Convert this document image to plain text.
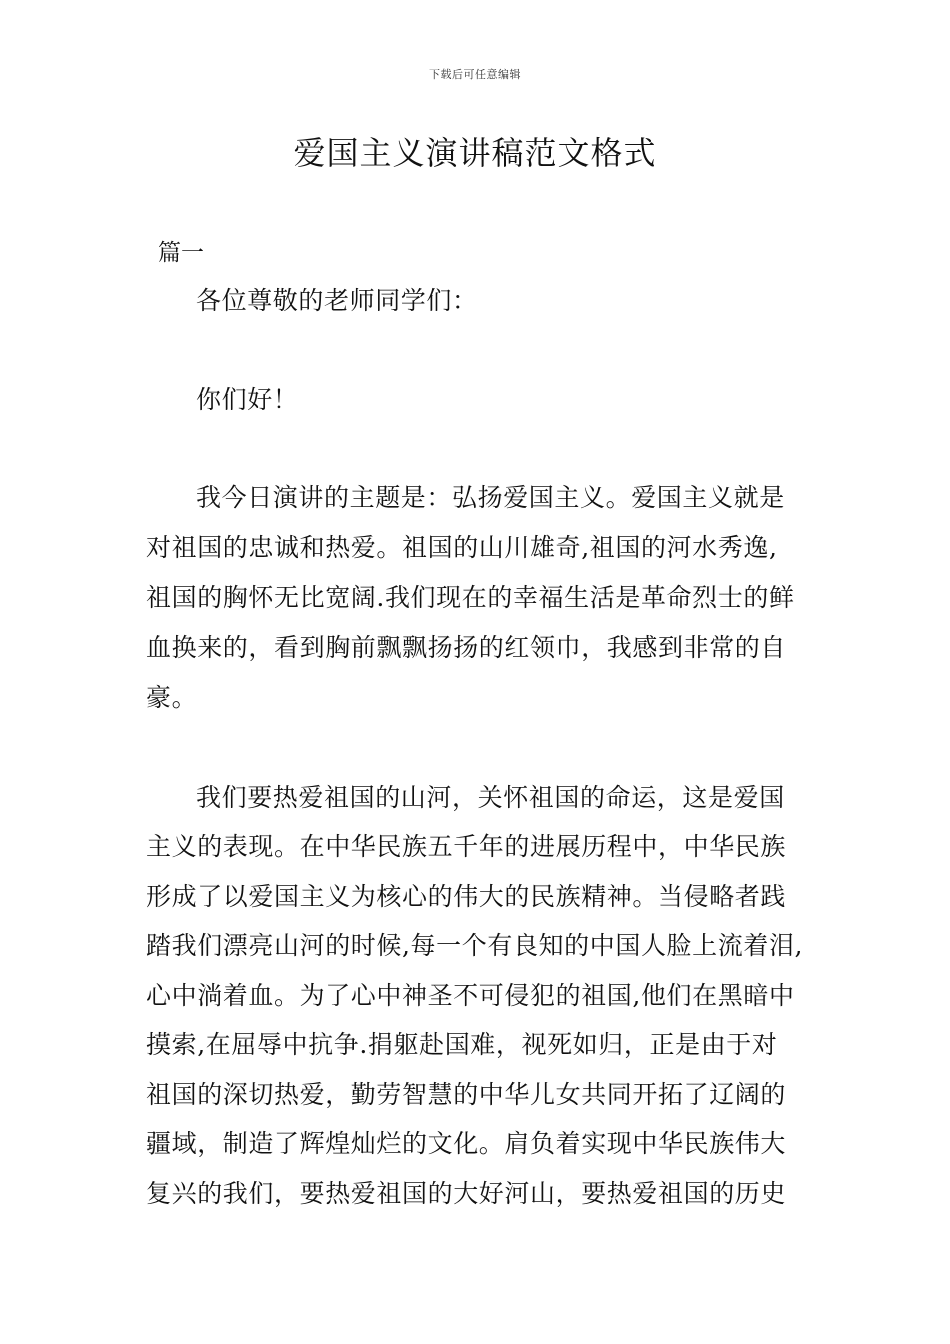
下载后可任意编辑
爱国主义演讲稿范文格式
篇一
各位尊敬的老师同学们：
你们好！
我今日演讲的主题是：弘扬爱国主义。爱国主义就是
对祖国的忠诚和热爱。祖国的山川雄奇,祖国的河水秀逸,
祖国的胸怀无比宽阔.我们现在的幸福生活是革命烈士的鲜
血换来的，看到胸前飘飘扬扬的红领巾，我感到非常的自
豪。
我们要热爱祖国的山河，关怀祖国的命运，这是爱国
主义的表现。在中华民族五千年的进展历程中，中华民族
形成了以爱国主义为核心的伟大的民族精神。当侵略者践
踏我们漂亮山河的时候,每一个有良知的中国人脸上流着泪,
心中淌着血。为了心中神圣不可侵犯的祖国,他们在黑暗中
摸索,在屈辱中抗争.捐躯赴国难，视死如归，正是由于对
祖国的深切热爱，勤劳智慧的中华儿女共同开拓了辽阔的
疆域，制造了辉煌灿烂的文化。肩负着实现中华民族伟大
复兴的我们，要热爱祖国的大好河山，要热爱祖国的历史
